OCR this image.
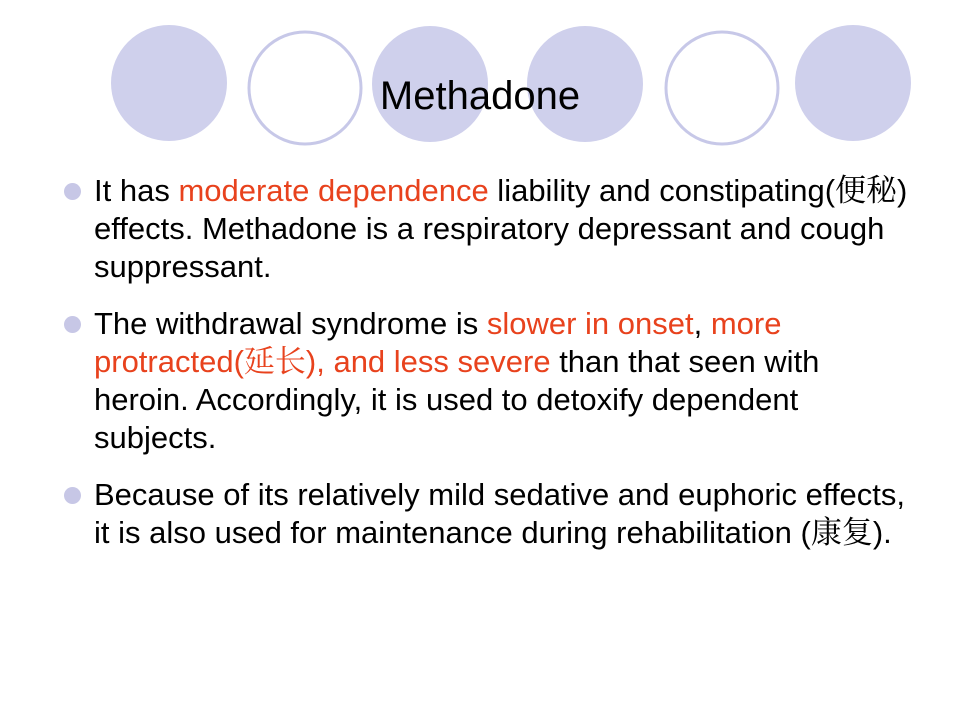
Methadone
It has moderate dependence liability and constipating(便秘) effects. Methadone is a respiratory depressant and cough suppressant.
The withdrawal syndrome is slower in onset, more protracted(延长), and less severe than that seen with heroin. Accordingly, it is used to detoxify dependent subjects.
Because of its relatively mild sedative and euphoric effects, it is also used for maintenance during rehabilitation (康复).
